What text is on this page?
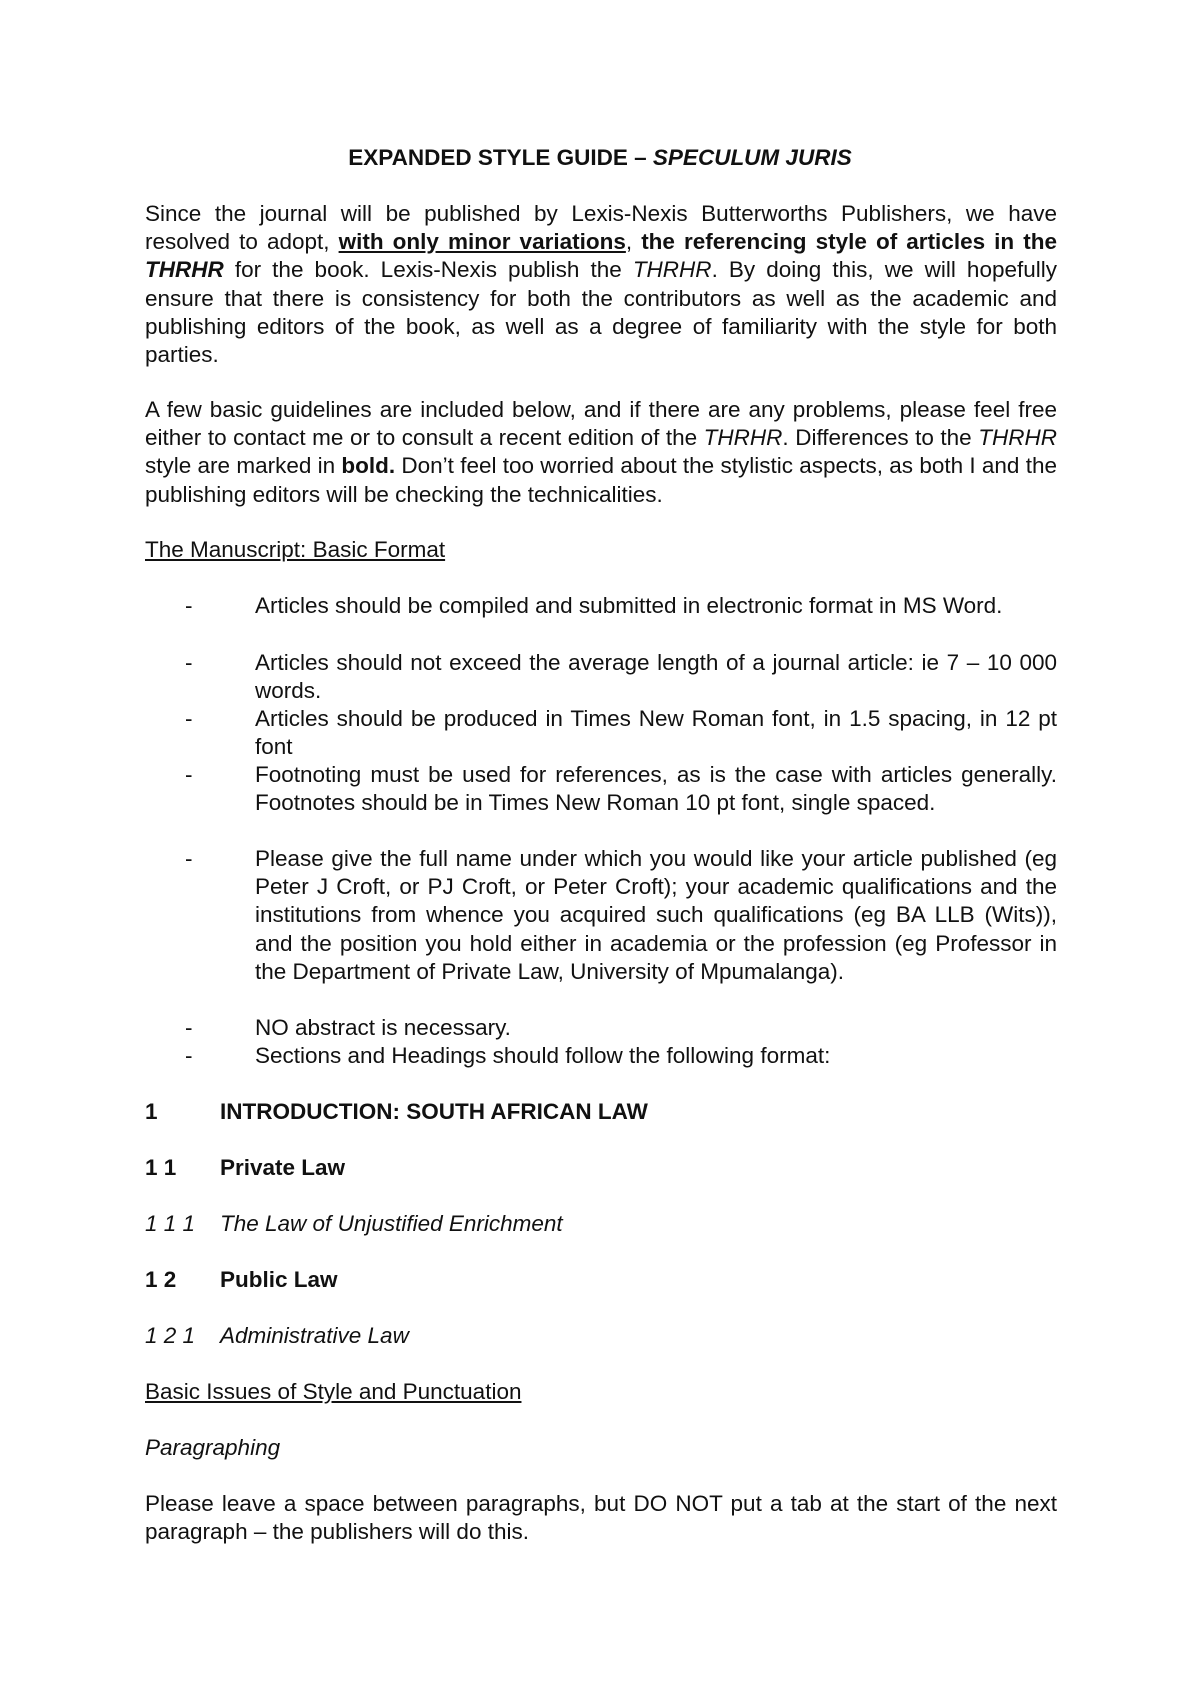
EXPANDED STYLE GUIDE – SPECULUM JURIS

Since the journal will be published by Lexis-Nexis Butterworths Publishers, we have resolved to adopt, with only minor variations, the referencing style of articles in the THRHR for the book. Lexis-Nexis publish the THRHR. By doing this, we will hopefully ensure that there is consistency for both the contributors as well as the academic and publishing editors of the book, as well as a degree of familiarity with the style for both parties.

A few basic guidelines are included below, and if there are any problems, please feel free either to contact me or to consult a recent edition of the THRHR. Differences to the THRHR style are marked in bold. Don’t feel too worried about the stylistic aspects, as both I and the publishing editors will be checking the technicalities.

The Manuscript: Basic Format
-	Articles should be compiled and submitted in electronic format in MS Word.

-	Articles should not exceed the average length of a journal article: ie 7 – 10 000 words.

-	Articles should be produced in Times New Roman font, in 1.5 spacing, in 12 pt font

-	Footnoting must be used for references, as is the case with articles generally. Footnotes should be in Times New Roman 10 pt font, single spaced.

-	Please give the full name under which you would like your article published (eg Peter J Croft, or PJ Croft, or Peter Croft); your academic qualifications and the institutions from whence you acquired such qualifications (eg BA LLB (Wits)), and the position you hold either in academia or the profession (eg Professor in the Department of Private Law, University of Mpumalanga).

-	NO abstract is necessary.

-	Sections and Headings should follow the following format:

1	INTRODUCTION: SOUTH AFRICAN LAW
1 1 Private Law
1 1 1 The Law of Unjustified Enrichment
1 2 Public Law
1 2 1 Administrative Law
Basic Issues of Style and Punctuation
Paragraphing

Please leave a space between paragraphs, but DO NOT put a tab at the start of the next paragraph – the publishers will do this.
